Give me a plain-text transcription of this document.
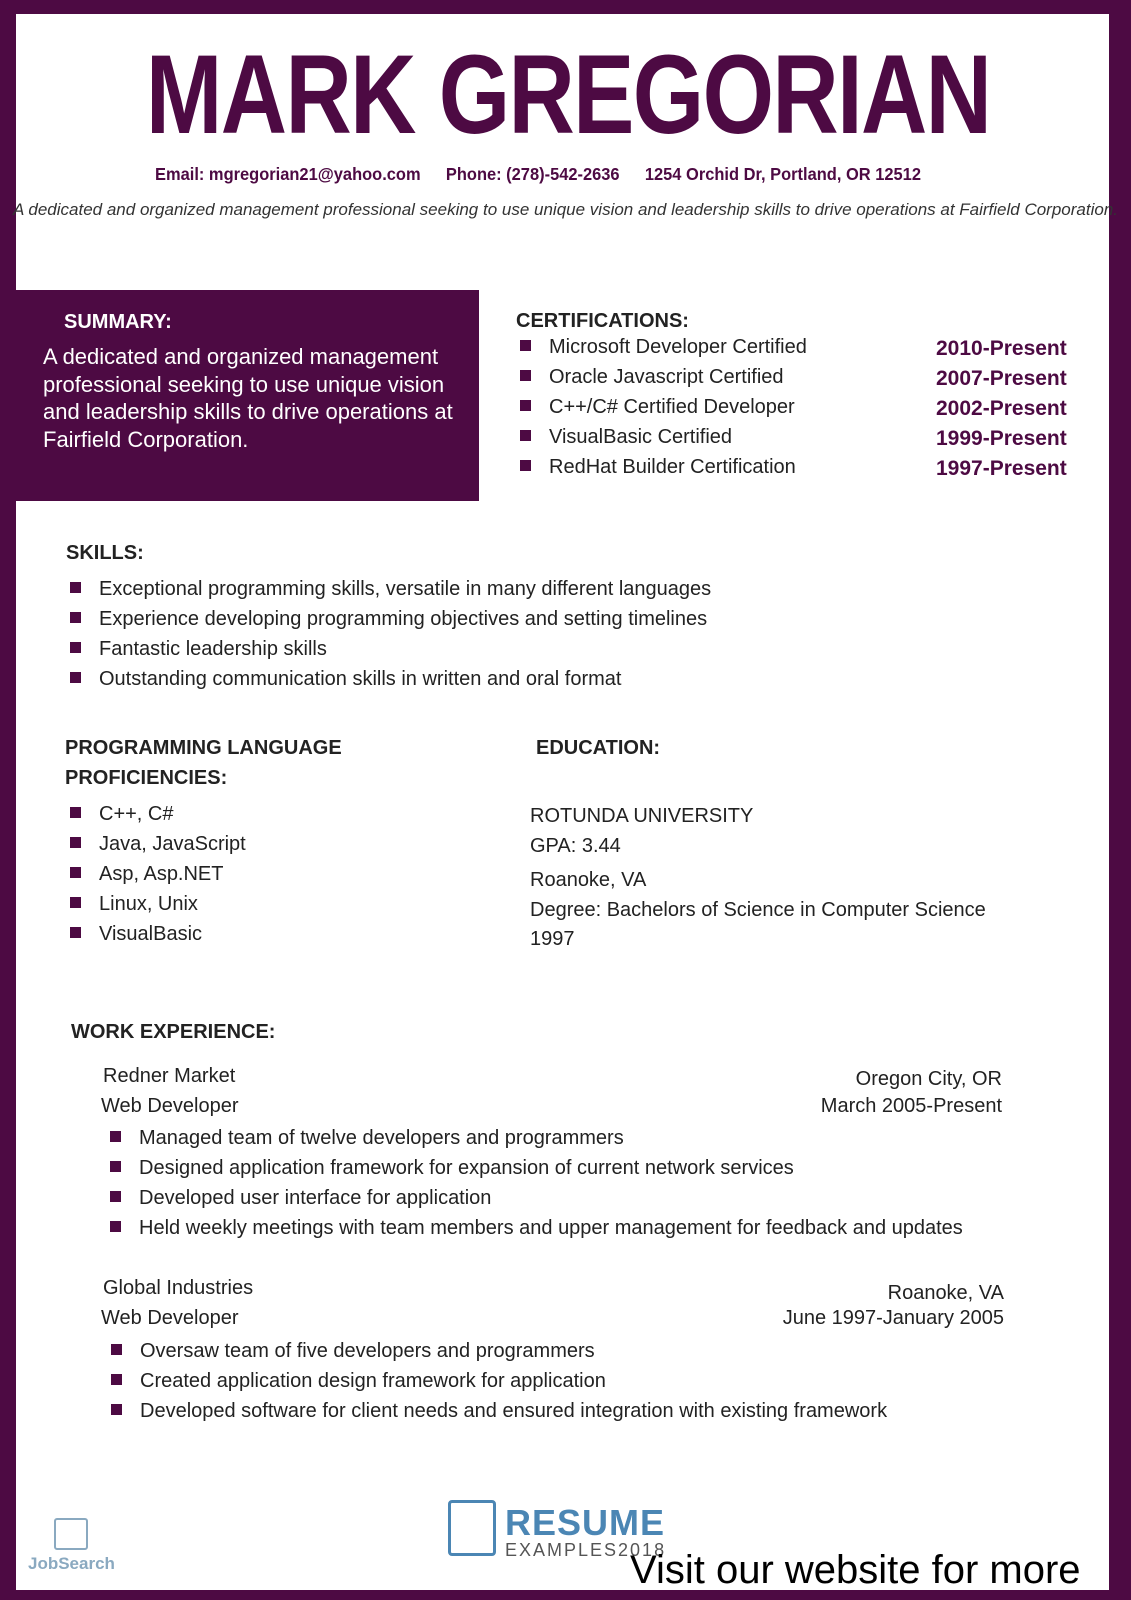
MARK GREGORIAN
Email: mgregorian21@yahoo.com Phone: (278)-542-2636 1254 Orchid Dr, Portland, OR 12512
A dedicated and organized management professional seeking to use unique vision and leadership skills to drive operations at Fairfield Corporation.
SUMMARY:
A dedicated and organized management professional seeking to use unique vision and leadership skills to drive operations at Fairfield Corporation.
CERTIFICATIONS:
Microsoft Developer Certified
Oracle Javascript Certified
C++/C# Certified Developer
VisualBasic Certified
RedHat Builder Certification
2010-Present
2007-Present
2002-Present
1999-Present
1997-Present
SKILLS:
Exceptional programming skills, versatile in many different languages
Experience developing programming objectives and setting timelines
Fantastic leadership skills
Outstanding communication skills in written and oral format
PROGRAMMING LANGUAGE
PROFICIENCIES:
C++, C#
Java, JavaScript
Asp, Asp.NET
Linux, Unix
VisualBasic
EDUCATION:
ROTUNDA UNIVERSITY
GPA: 3.44
Roanoke, VA
Degree: Bachelors of Science in Computer Science
1997
WORK EXPERIENCE:
Redner Market
Web Developer
Oregon City, OR
March 2005-Present
Managed team of twelve developers and programmers
Designed application framework for expansion of current network services
Developed user interface for application
Held weekly meetings with team members and upper management for feedback and updates
Global Industries
Web Developer
Roanoke, VA
June 1997-January 2005
Oversaw team of five developers and programmers
Created application design framework for application
Developed software for client needs and ensured integration with existing framework
JobSearch
RESUME
EXAMPLES2018
Visit our website for more
